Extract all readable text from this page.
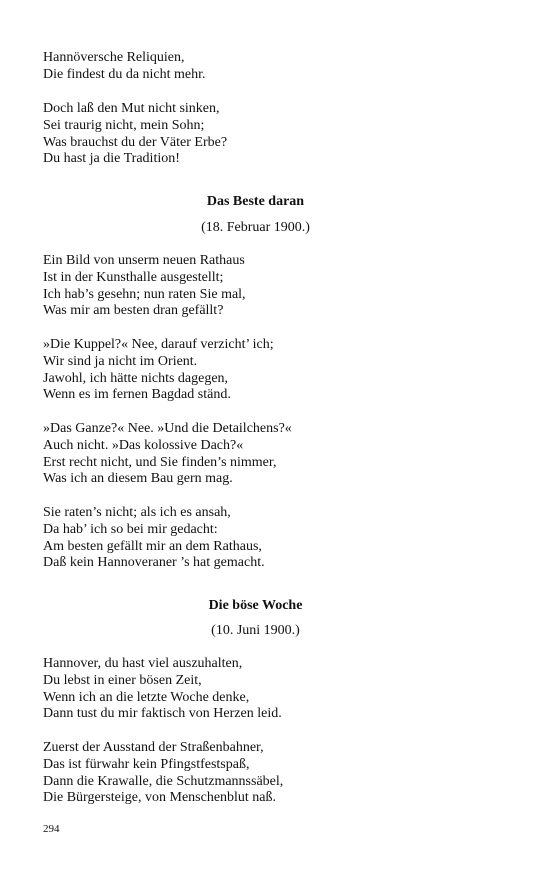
Hannöversche Reliquien,
Die findest du da nicht mehr.
Doch laß den Mut nicht sinken,
Sei traurig nicht, mein Sohn;
Was brauchst du der Väter Erbe?
Du hast ja die Tradition!
Das Beste daran
(18. Februar 1900.)
Ein Bild von unserm neuen Rathaus
Ist in der Kunsthalle ausgestellt;
Ich hab’s gesehn; nun raten Sie mal,
Was mir am besten dran gefällt?
»Die Kuppel?« Nee, darauf verzicht’ ich;
Wir sind ja nicht im Orient.
Jawohl, ich hätte nichts dagegen,
Wenn es im fernen Bagdad ständ.
»Das Ganze?« Nee. »Und die Detailchens?«
Auch nicht. »Das kolossive Dach?«
Erst recht nicht, und Sie finden’s nimmer,
Was ich an diesem Bau gern mag.
Sie raten’s nicht; als ich es ansah,
Da hab’ ich so bei mir gedacht:
Am besten gefällt mir an dem Rathaus,
Daß kein Hannoveraner ’s hat gemacht.
Die böse Woche
(10. Juni 1900.)
Hannover, du hast viel auszuhalten,
Du lebst in einer bösen Zeit,
Wenn ich an die letzte Woche denke,
Dann tust du mir faktisch von Herzen leid.
Zuerst der Ausstand der Straßenbahner,
Das ist fürwahr kein Pfingstfestspaß,
Dann die Krawalle, die Schutzmannssäbel,
Die Bürgersteige, von Menschenblut naß.
294
